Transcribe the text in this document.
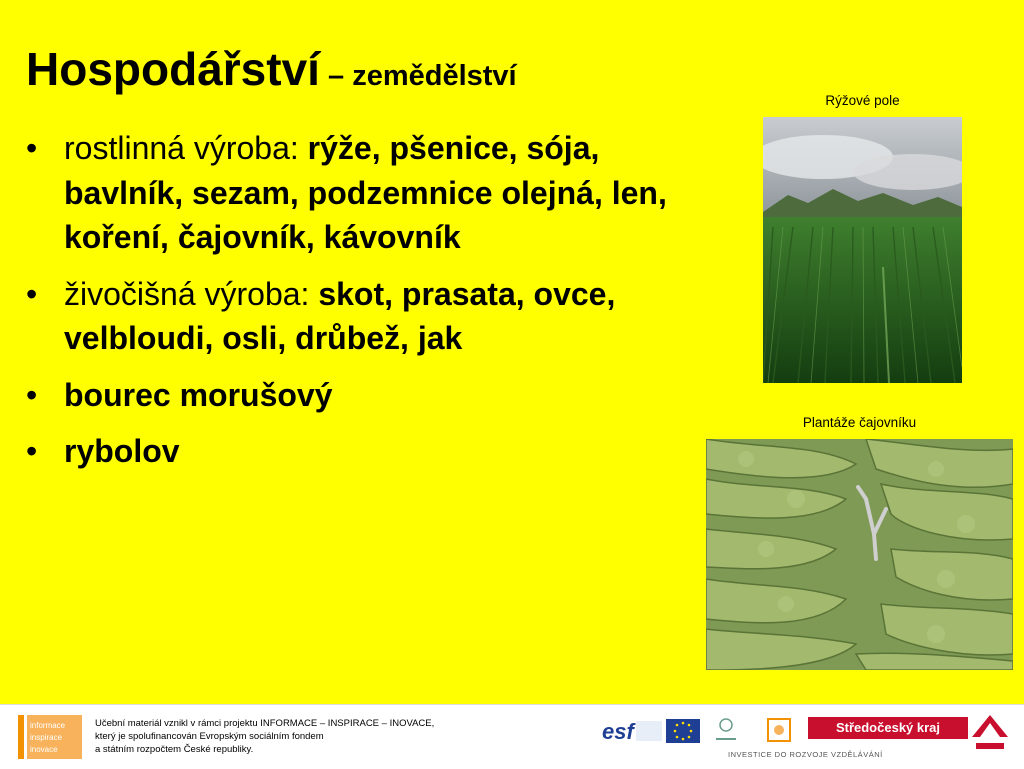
Hospodářství – zemědělství
• rostlinná výroba: rýže, pšenice, sója, bavlník, sezam, podzemnice olejná, len, koření, čajovník, kávovník
• živočišná výroba: skot, prasata, ovce, velbloudi, osli, drůbež, jak
• bourec morušový
• rybolov
Rýžové pole
Plantáže čajovníku
informace
inspirace
inovace
Učební materiál vznikl v rámci projektu INFORMACE – INSPIRACE – INOVACE,
který je spolufinancován Evropským sociálním fondem
a státním rozpočtem České republiky.
esf	Středočeský kraj
INVESTICE DO ROZVOJE VZDĚLÁVÁNÍ
